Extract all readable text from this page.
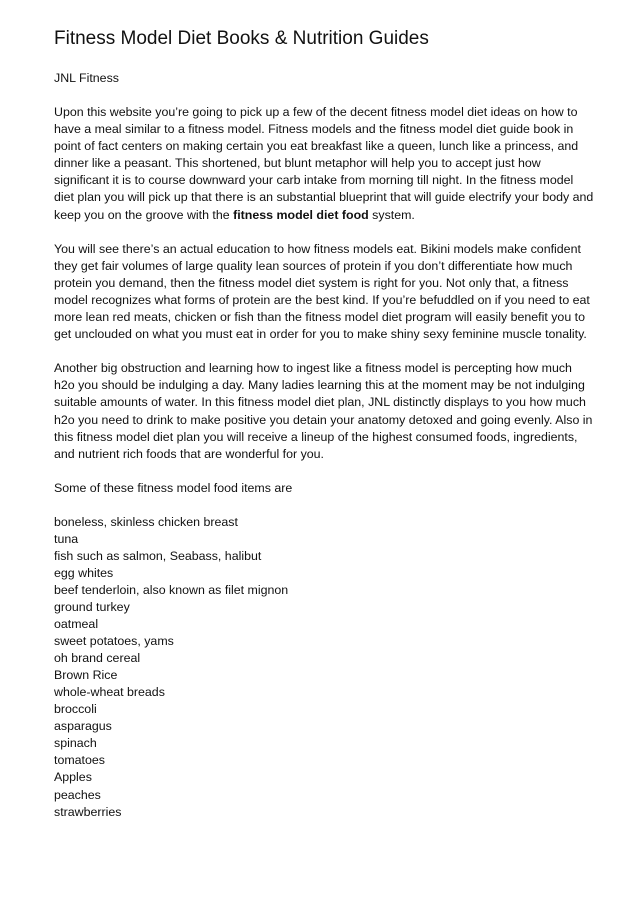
Fitness Model Diet Books & Nutrition Guides
JNL Fitness

Upon this website you’re going to pick up a few of the decent fitness model diet ideas on how to have a meal similar to a fitness model. Fitness models and the fitness model diet guide book in point of fact centers on making certain you eat breakfast like a queen, lunch like a princess, and dinner like a peasant. This shortened, but blunt metaphor will help you to accept just how significant it is to course downward your carb intake from morning till night. In the fitness model diet plan you will pick up that there is an substantial blueprint that will guide electrify your body and keep you on the groove with the fitness model diet food system.

You will see there’s an actual education to how fitness models eat. Bikini models make confident they get fair volumes of large quality lean sources of protein if you don’t differentiate how much protein you demand, then the fitness model diet system is right for you. Not only that, a fitness model recognizes what forms of protein are the best kind. If you’re befuddled on if you need to eat more lean red meats, chicken or fish than the fitness model diet program will easily benefit you to get unclouded on what you must eat in order for you to make shiny sexy feminine muscle tonality.

Another big obstruction and learning how to ingest like a fitness model is percepting how much h2o you should be indulging a day. Many ladies learning this at the moment may be not indulging suitable amounts of water. In this fitness model diet plan, JNL distinctly displays to you how much h2o you need to drink to make positive you detain your anatomy detoxed and going evenly. Also in this fitness model diet plan you will receive a lineup of the highest consumed foods, ingredients, and nutrient rich foods that are wonderful for you.

Some of these fitness model food items are
boneless, skinless chicken breast
tuna
fish such as salmon, Seabass, halibut
egg whites
beef tenderloin, also known as filet mignon
ground turkey
oatmeal
sweet potatoes, yams
oh brand cereal
Brown Rice
whole-wheat breads
broccoli
asparagus
spinach
tomatoes
Apples
peaches
strawberries
